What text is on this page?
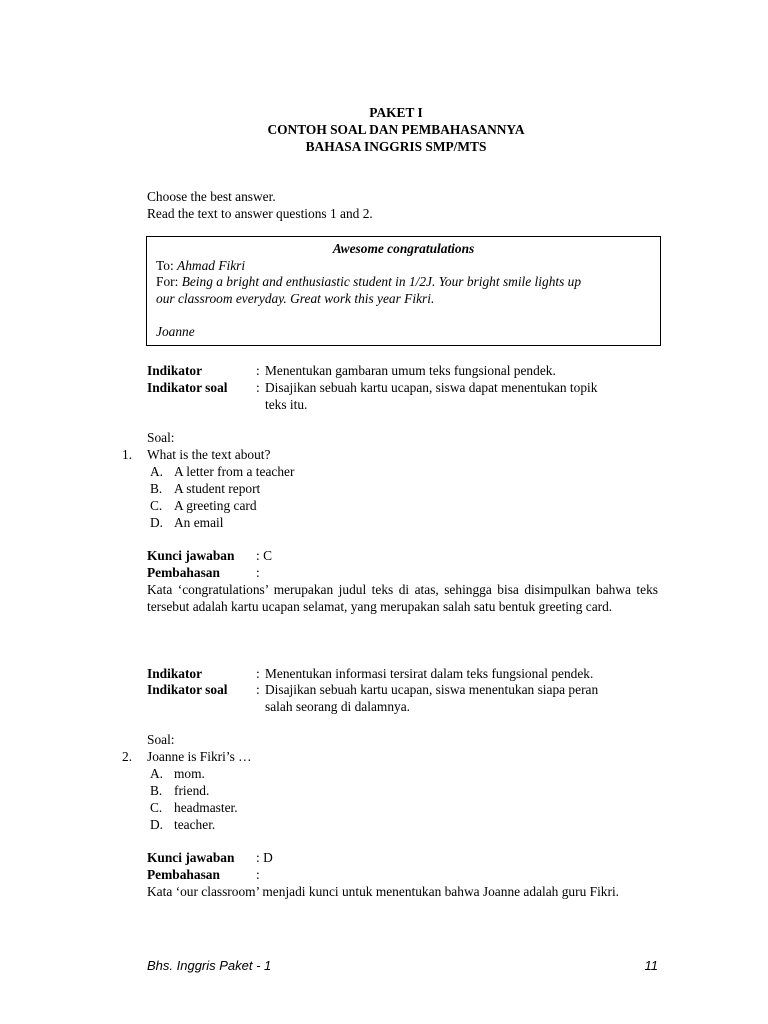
PAKET I
CONTOH SOAL DAN PEMBAHASANNYA
BAHASA INGGRIS SMP/MTS
Choose the best answer.
Read the text to answer questions 1 and 2.
Awesome congratulations
To: Ahmad Fikri
For: Being a bright and enthusiastic student in 1/2J. Your bright smile lights up
our classroom everyday. Great work this year Fikri.
Joanne
Indikator	: Menentukan gambaran umum teks fungsional pendek.
Indikator soal : Disajikan sebuah kartu ucapan, siswa dapat menentukan topik
teks itu.
Soal:
1. What is the text about?
A. A letter from a teacher
B. A student report
C. A greeting card
D. An email
Kunci jawaban : C
Pembahasan	:
Kata ‘congratulations’ merupakan judul teks di atas, sehingga bisa disimpulkan bahwa teks tersebut adalah kartu ucapan selamat, yang merupakan salah satu bentuk greeting card.
Indikator	: Menentukan informasi tersirat dalam teks fungsional pendek.
Indikator soal : Disajikan sebuah kartu ucapan, siswa menentukan siapa peran
salah seorang di dalamnya.
Soal:
2. Joanne is Fikri’s …
A. mom.
B. friend.
C. headmaster.
D. teacher.
Kunci jawaban : D
Pembahasan	:
Kata ‘our classroom’ menjadi kunci untuk menentukan bahwa Joanne adalah guru Fikri.
Bhs. Inggris Paket - 1	11
